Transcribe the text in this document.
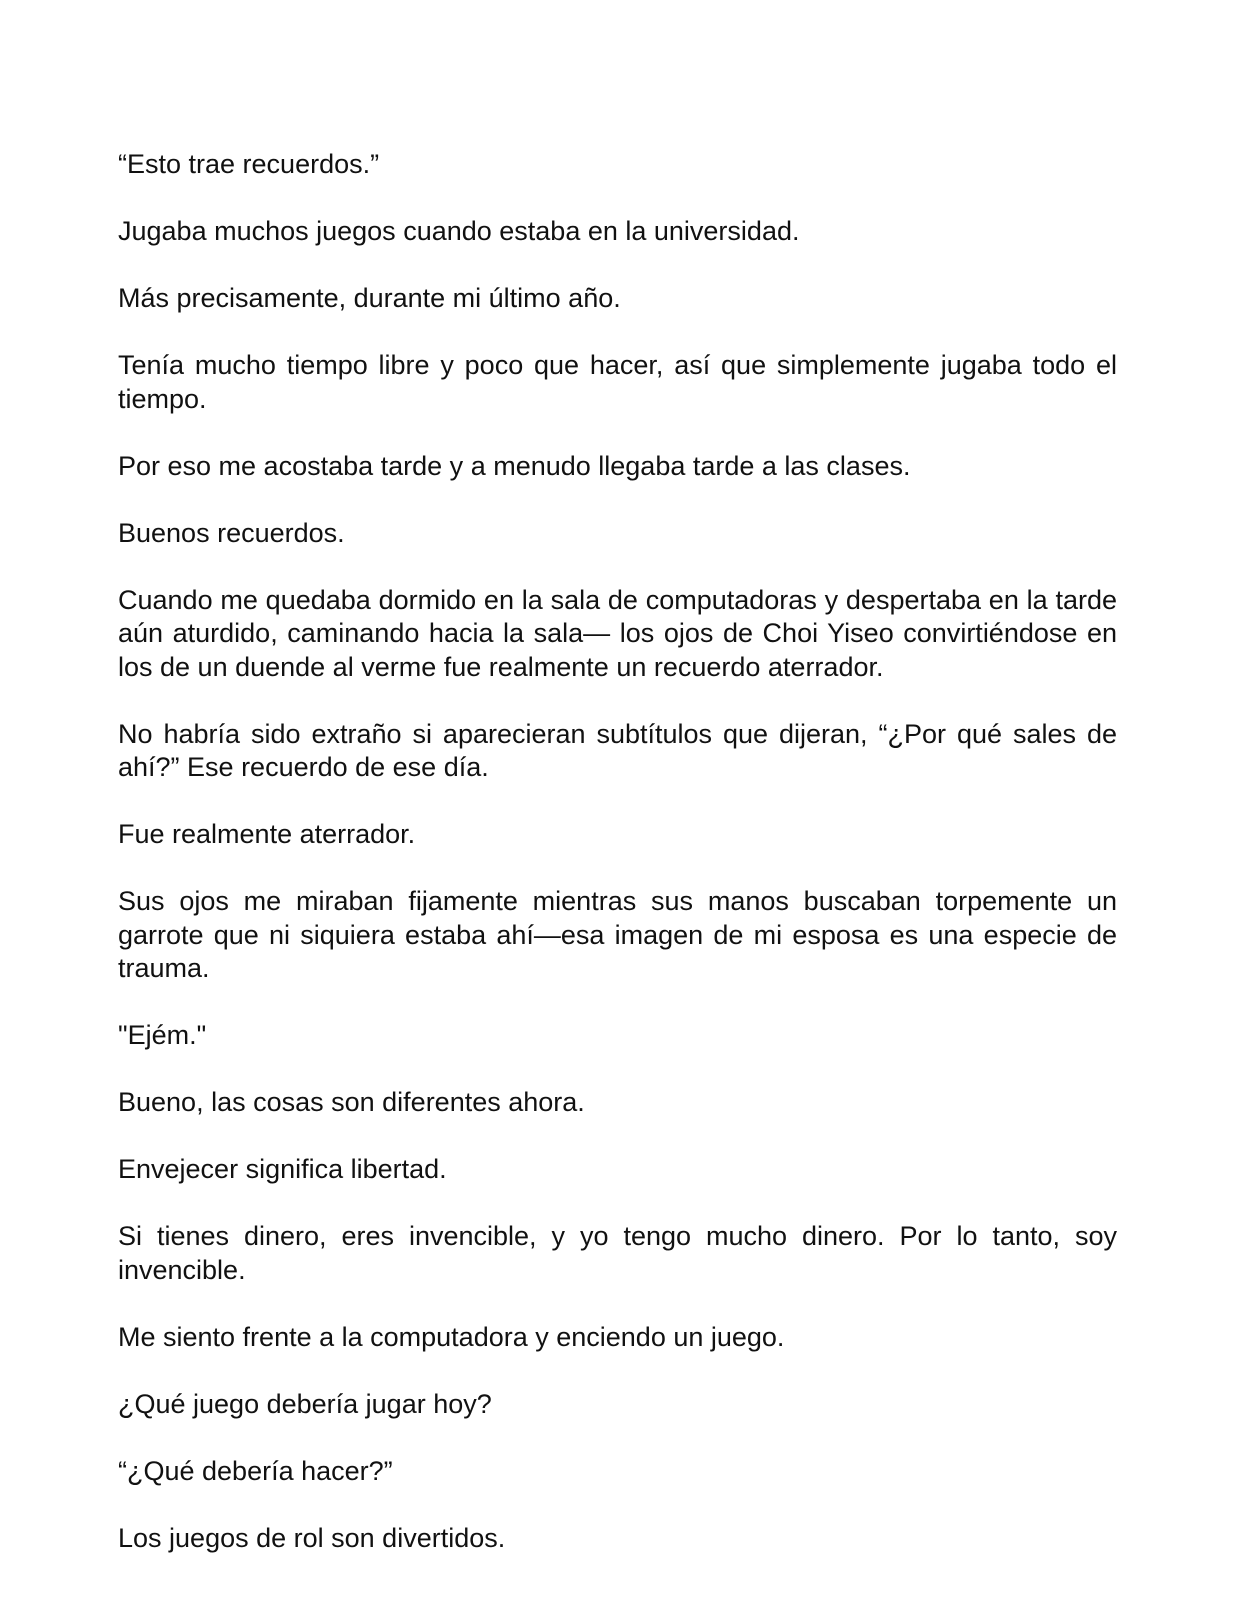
“Esto trae recuerdos.”

Jugaba muchos juegos cuando estaba en la universidad.

Más precisamente, durante mi último año.

Tenía mucho tiempo libre y poco que hacer, así que simplemente jugaba todo el tiempo.

Por eso me acostaba tarde y a menudo llegaba tarde a las clases.

Buenos recuerdos.

Cuando me quedaba dormido en la sala de computadoras y despertaba en la tarde aún aturdido, caminando hacia la sala— los ojos de Choi Yiseo convirtiéndose en los de un duende al verme fue realmente un recuerdo aterrador.

No habría sido extraño si aparecieran subtítulos que dijeran, “¿Por qué sales de ahí?” Ese recuerdo de ese día.

Fue realmente aterrador.

Sus ojos me miraban fijamente mientras sus manos buscaban torpemente un garrote que ni siquiera estaba ahí—esa imagen de mi esposa es una especie de trauma.

"Ejém."

Bueno, las cosas son diferentes ahora.

Envejecer significa libertad.

Si tienes dinero, eres invencible, y yo tengo mucho dinero. Por lo tanto, soy invencible.

Me siento frente a la computadora y enciendo un juego.

¿Qué juego debería jugar hoy?

“¿Qué debería hacer?”

Los juegos de rol son divertidos.
